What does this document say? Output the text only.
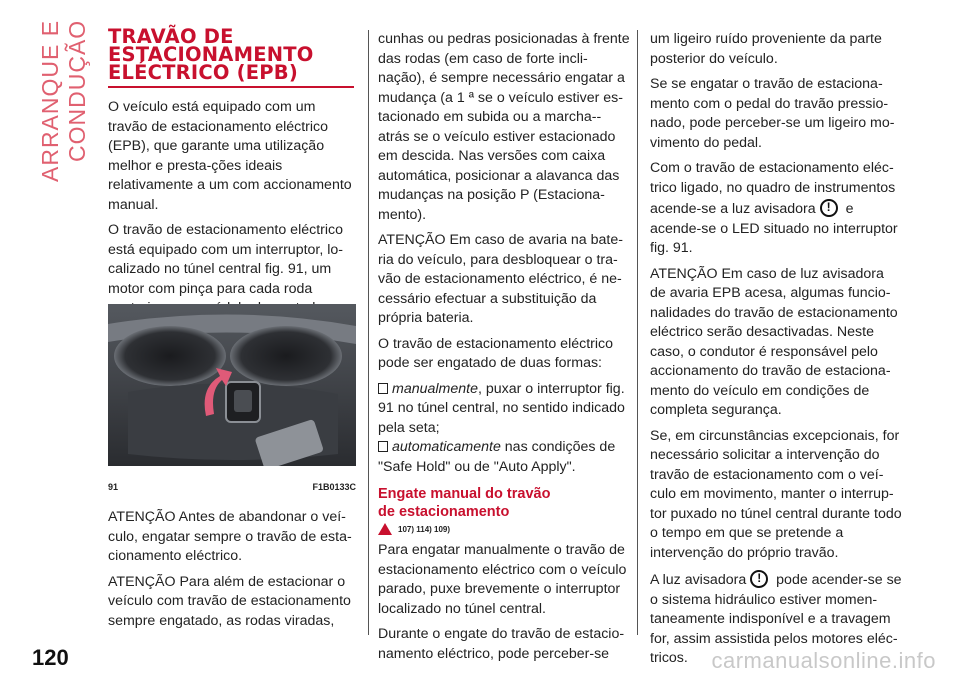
ARRANQUE E CONDUÇÃO TRAVÃO DE ESTACIONAMENTO ELÉCTRICO (EPB)

O veículo está equipado com um travão de estacionamento eléctrico (EPB), que garante uma utilização melhor e presta-ções ideais relativamente a um com accionamento manual.

O travão de estacionamento eléctrico está equipado com um interruptor, lo-calizado no túnel central fig. 91, um motor com pinça para cada roda

91	F1B0133C

ATENÇÃO Antes de abandonar o veí-culo, engatar sempre o travão de esta-cionamento eléctrico.

ATENÇÃO Para além de estacionar o veículo com travão de estacionamento sempre engatado, as rodas viradas,

cunhas ou pedras posicionadas à frente das rodas (em caso de forte incli-nação), é sempre necessário engatar a mudança (a 1 ª se o veículo estiver es-tacionado em subida ou a marcha--atrás se o veículo estiver estacionado em descida. Nas versões com caixa automática, posicionar a alavanca das mudanças na posição P (Estaciona-mento).

ATENÇÃO Em caso de avaria na bate-ria do veículo, para desbloquear o tra-vão de estacionamento eléctrico, é ne-cessário efectuar a substituição da própria bateria.

O travão de estacionamento eléctrico pode ser engatado de duas formas:

manualmente, puxar o interruptor fig. 91 no túnel central, no sentido indicado pela seta;

automaticamente nas condições de "Safe Hold" ou de "Auto Apply".

Engate manual do travão
de estacionamento
107) 114) 109)

Para engatar manualmente o travão de estacionamento eléctrico com o veículo parado, puxe brevemente o interruptor localizado no túnel central.

Durante o engate do travão de estacio-namento eléctrico, pode perceber-se

um ligeiro ruído proveniente da parte posterior do veículo.

Se se engatar o travão de estaciona-mento com o pedal do travão pressio-nado, pode perceber-se um ligeiro mo-vimento do pedal.

Com o travão de estacionamento eléc-trico ligado, no quadro de instrumentos acende-se a luz avisadora ! e acende-se o LED situado no interruptor fig. 91.

ATENÇÃO Em caso de luz avisadora de avaria EPB acesa, algumas funcio-nalidades do travão de estacionamento eléctrico serão desactivadas. Neste caso, o condutor é responsável pelo accionamento do travão de estaciona-mento do veículo em condições de completa segurança.

Se, em circunstâncias excepcionais, for necessário solicitar a intervenção do travão de estacionamento com o veí-culo em movimento, manter o interrup-tor puxado no túnel central durante todo o tempo em que se pretende a intervenção do próprio travão.

A luz avisadora ! pode acender-se se o sistema hidráulico estiver momen-taneamente indisponível e a travagem for, assim assistida pelos motores eléc-tricos.

120	carmanualsonline.info
